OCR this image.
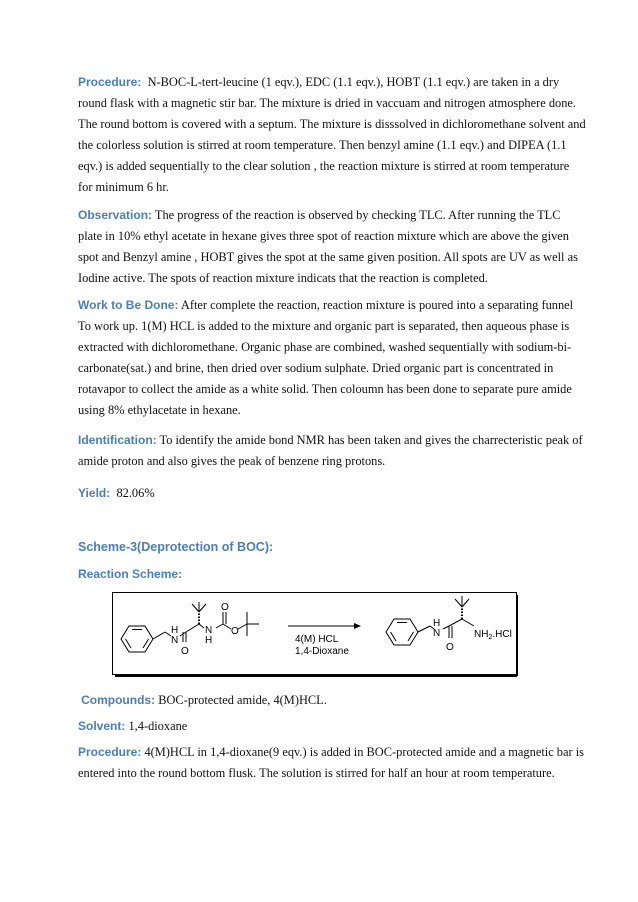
Procedure: N-BOC-L-tert-leucine (1 eqv.), EDC (1.1 eqv.), HOBT (1.1 eqv.) are taken in a dry
round flask with a magnetic stir bar. The mixture is dried in vaccuam and nitrogen atmosphere done.
The round bottom is covered with a septum. The mixture is disssolved in dichloromethane solvent and
the colorless solution is stirred at room temperature. Then benzyl amine (1.1 eqv.) and DIPEA (1.1
eqv.) is added sequentially to the clear solution , the reaction mixture is stirred at room temperature
for minimum 6 hr.
Observation: The progress of the reaction is observed by checking TLC. After running the TLC
plate in 10% ethyl acetate in hexane gives three spot of reaction mixture which are above the given
spot and Benzyl amine , HOBT gives the spot at the same given position. All spots are UV as well as
Iodine active. The spots of reaction mixture indicats that the reaction is completed.
Work to Be Done: After complete the reaction, reaction mixture is poured into a separating funnel
To work up. 1(M) HCL is added to the mixture and organic part is separated, then aqueous phase is
extracted with dichloromethane. Organic phase are combined, washed sequentially with sodium-bi-
carbonate(sat.) and brine, then dried over sodium sulphate. Dried organic part is concentrated in
rotavapor to collect the amide as a white solid. Then coloumn has been done to separate pure amide
using 8% ethylacetate in hexane.
Identification: To identify the amide bond NMR has been taken and gives the charrecteristic peak of
amide proton and also gives the peak of benzene ring protons.
Yield: 82.06%
Scheme-3(Deprotection of BOC):
Reaction Scheme:
H
N
O
N
H
O
O
4(M) HCL
1,4-Dioxane
H
N
O
$NH_2.HCl$
Compounds: BOC-protected amide, 4(M)HCL.
Solvent: 1,4-dioxane
Procedure: 4(M)HCL in 1,4-dioxane(9 eqv.) is added in BOC-protected amide and a magnetic bar is
entered into the round bottom flusk. The solution is stirred for half an hour at room temperature.
